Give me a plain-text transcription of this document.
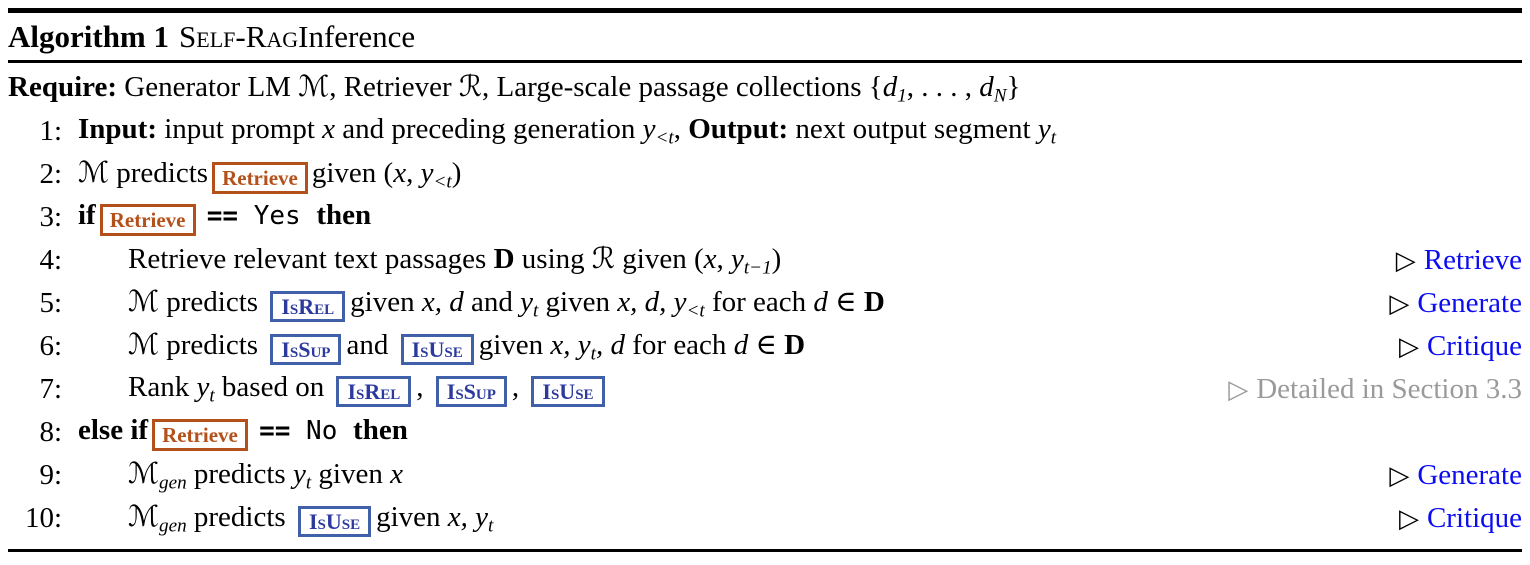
Algorithm 1 Self-Rag Inference
Require: Generator LM ℳ, Retriever ℛ, Large-scale passage collections {d1, . . . , dN}
1: Input: input prompt x and preceding generation y<t, Output: next output segment yt
2: ℳ predicts Retrieve given (x, y<t)
3: if Retrieve == Yes then
4: Retrieve relevant text passages D using ℛ given (x, yt−1)	▷ Retrieve
5: ℳ predicts IsRel given x, d and yt given x, d, y<t for each d ∈ D	▷ Generate
6: ℳ predicts IsSup and IsUse given x, yt, d for each d ∈ D	▷ Critique
7: Rank yt based on IsRel , IsSup , IsUse	▷ Detailed in Section 3.3
8: else if Retrieve == No then
9: ℳgen predicts yt given x	▷ Generate
10: ℳgen predicts IsUse given x, yt	▷ Critique
